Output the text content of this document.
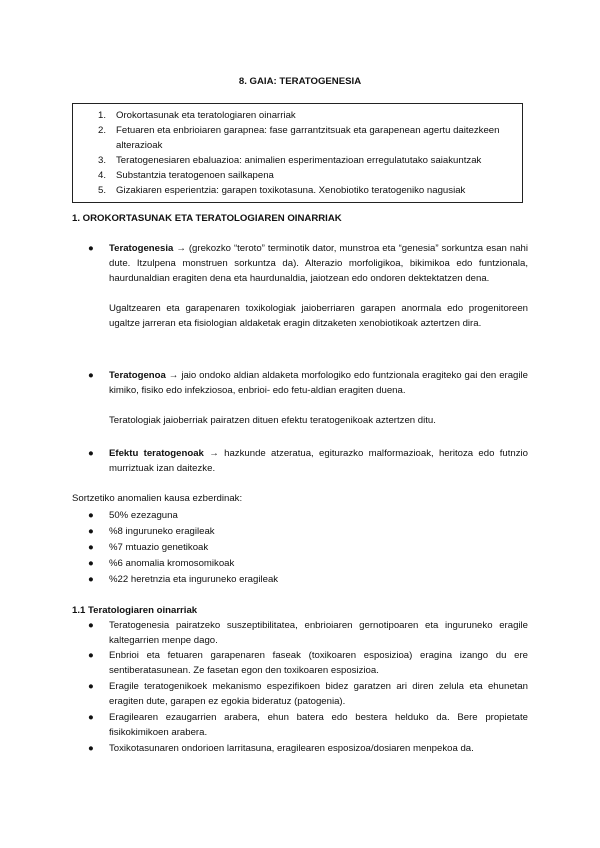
8. GAIA: TERATOGENESIA
1.	Orokortasunak eta teratologiaren oinarriak
2.	Fetuaren eta enbrioiaren garapnea: fase garrantzitsuak eta garapenean agertu daitezkeen alterazioak
3.	Teratogenesiaren ebaluazioa: animalien esperimentazioan erregulatutako saiakuntzak
4.	Substantzia teratogenoen sailkapena
5.	Gizakiaren esperientzia: garapen toxikotasuna. Xenobiotiko teratogeniko nagusiak
1. OROKORTASUNAK ETA TERATOLOGIAREN OINARRIAK
● Teratogenesia → (grekozko “teroto” terminotik dator, munstroa eta “genesia” sorkuntza esan nahi dute. Itzulpena monstruen sorkuntza da). Alterazio morfoligikoa, bikimikoa edo funtzionala, haurdunaldian eragiten dena eta haurdunaldia, jaiotzean edo ondoren dektektatzen dena.
Ugaltzearen eta garapenaren toxikologiak jaioberriaren garapen anormala edo progenitoreen ugaltze jarreran eta fisiologian aldaketak eragin ditzaketen xenobiotikoak aztertzen dira.
● Teratogenoa → jaio ondoko aldian aldaketa morfologiko edo funtzionala eragiteko gai den eragile kimiko, fisiko edo infekziosoa, enbrioi- edo fetu-aldian eragiten duena.
Teratologiak jaioberriak pairatzen dituen efektu teratogenikoak aztertzen ditu.
● Efektu teratogenoak → hazkunde atzeratua, egiturazko malformazioak, heritoza edo futnzio murriztuak izan daitezke.
Sortzetiko anomalien kausa ezberdinak:
● 50% ezezaguna
● %8 inguruneko eragileak
● %7 mtuazio genetikoak
● %6 anomalia kromosomikoak
● %22 heretnzia eta inguruneko eragileak
1.1 Teratologiaren oinarriak
● Teratogenesia pairatzeko suszeptibilitatea, enbrioiaren gernotipoaren eta inguruneko eragile kaltegarrien menpe dago.
● Enbrioi eta fetuaren garapenaren faseak (toxikoaren esposizioa) eragina izango du ere sentiberatasunean. Ze fasetan egon den toxikoaren esposizioa.
● Eragile teratogenikoek mekanismo espezifikoen bidez garatzen ari diren zelula eta ehunetan eragiten dute, garapen ez egokia bideratuz (patogenia).
● Eragilearen ezaugarrien arabera, ehun batera edo bestera helduko da. Bere propietate fisikokimikoen arabera.
● Toxikotasunaren ondorioen larritasuna, eragilearen esposizoa/dosiaren menpekoa da.
